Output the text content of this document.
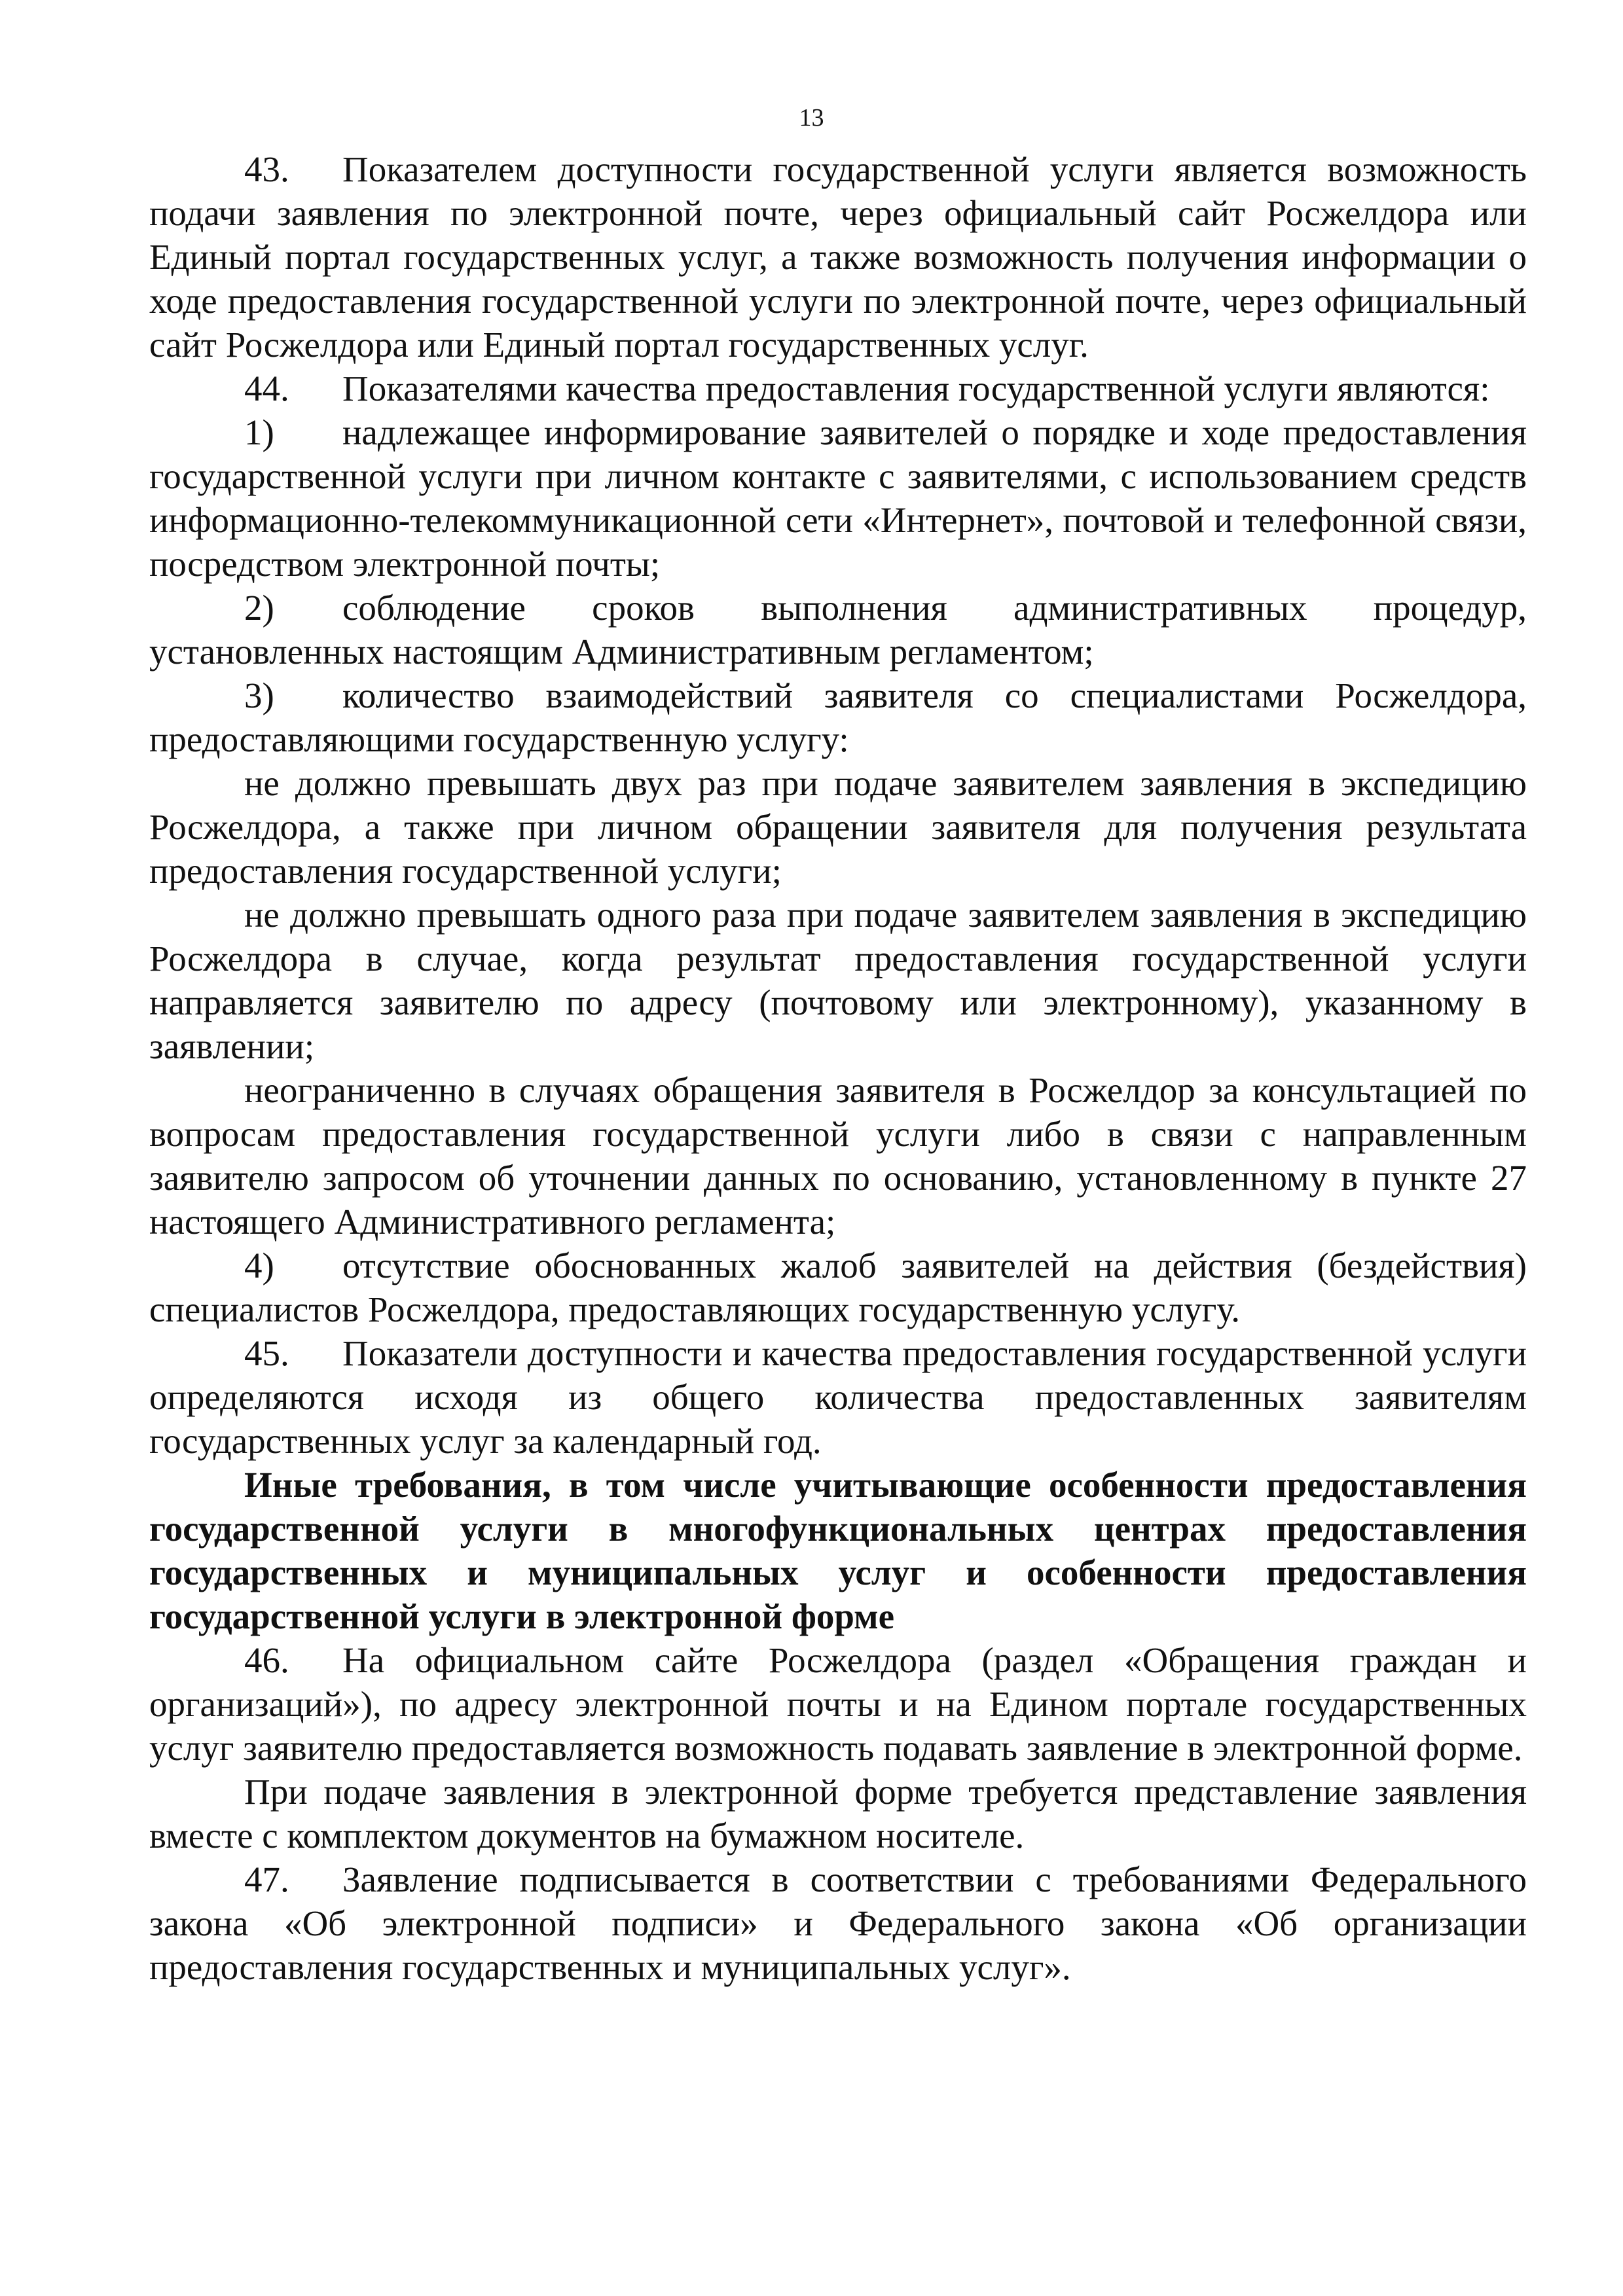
13

43. Показателем доступности государственной услуги является возможность подачи заявления по электронной почте, через официальный сайт Росжелдора или Единый портал государственных услуг, а также возможность получения информации о ходе предоставления государственной услуги по электронной почте, через официальный сайт Росжелдора или Единый портал государственных услуг.

44. Показателями качества предоставления государственной услуги являются:

1) надлежащее информирование заявителей о порядке и ходе предоставления государственной услуги при личном контакте с заявителями, с использованием средств информационно-телекоммуникационной сети «Интернет», почтовой и телефонной связи, посредством электронной почты;

2) соблюдение сроков выполнения административных процедур, установленных настоящим Административным регламентом;

3) количество взаимодействий заявителя со специалистами Росжелдора, предоставляющими государственную услугу:

не должно превышать двух раз при подаче заявителем заявления в экспедицию Росжелдора, а также при личном обращении заявителя для получения результата предоставления государственной услуги;

не должно превышать одного раза при подаче заявителем заявления в экспедицию Росжелдора в случае, когда результат предоставления государственной услуги направляется заявителю по адресу (почтовому или электронному), указанному в заявлении;

неограниченно в случаях обращения заявителя в Росжелдор за консультацией по вопросам предоставления государственной услуги либо в связи с направленным заявителю запросом об уточнении данных по основанию, установленному в пункте 27 настоящего Административного регламента;

4) отсутствие обоснованных жалоб заявителей на действия (бездействия) специалистов Росжелдора, предоставляющих государственную услугу.

45. Показатели доступности и качества предоставления государственной услуги определяются исходя из общего количества предоставленных заявителям государственных услуг за календарный год.

Иные требования, в том числе учитывающие особенности предоставления государственной услуги в многофункциональных центрах предоставления государственных и муниципальных услуг и особенности предоставления государственной услуги в электронной форме

46. На официальном сайте Росжелдора (раздел «Обращения граждан и организаций»), по адресу электронной почты и на Едином портале государственных услуг заявителю предоставляется возможность подавать заявление в электронной форме.

При подаче заявления в электронной форме требуется представление заявления вместе с комплектом документов на бумажном носителе.

47. Заявление подписывается в соответствии с требованиями Федерального закона «Об электронной подписи» и Федерального закона «Об организации предоставления государственных и муниципальных услуг».
